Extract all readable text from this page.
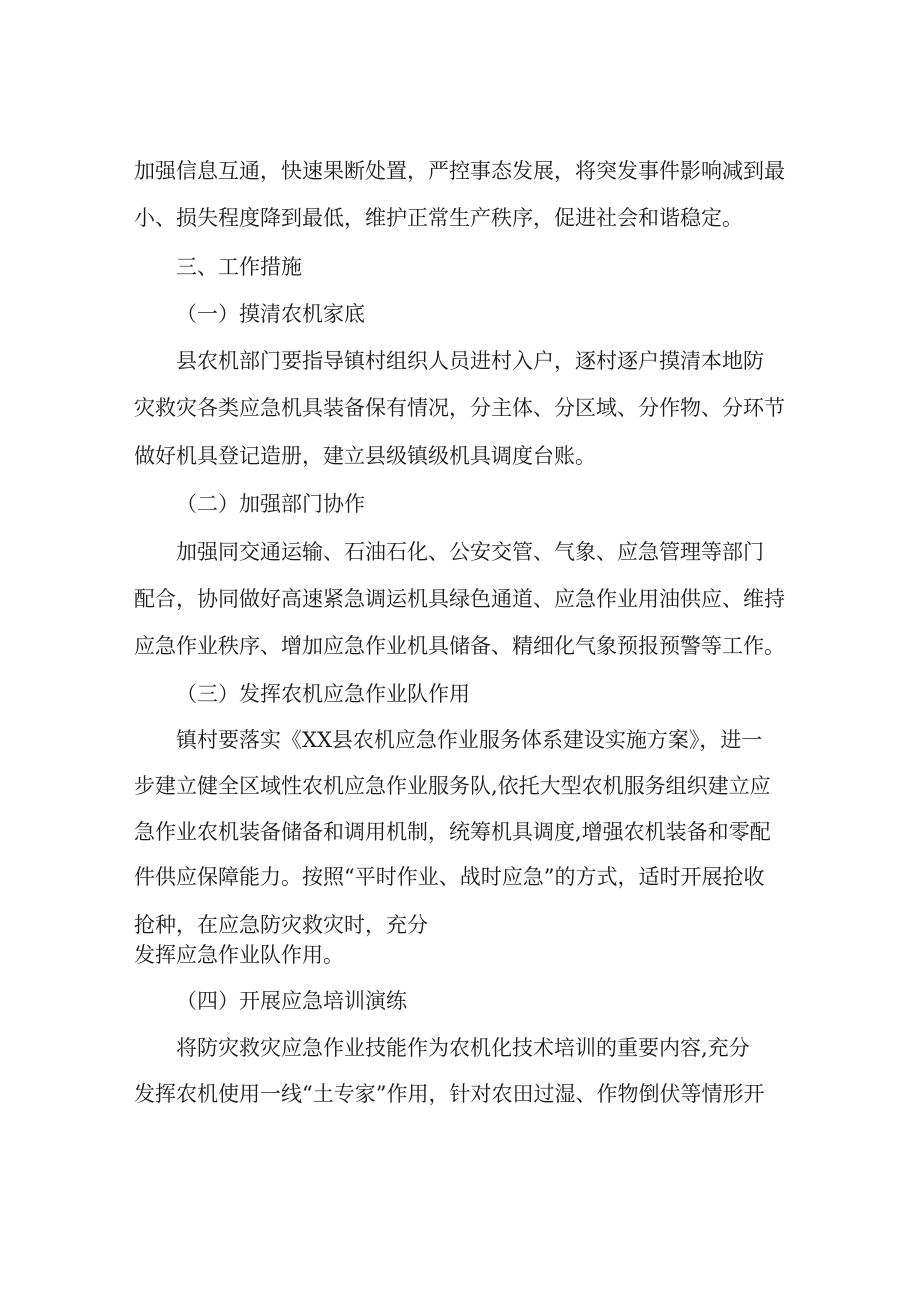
加强信息互通，快速果断处置，严控事态发展，将突发事件影响减到最

小、损失程度降到最低，维护正常生产秩序，促进社会和谐稳定。

三、工作措施

（一）摸清农机家底

县农机部门要指导镇村组织人员进村入户，逐村逐户摸清本地防

灾救灾各类应急机具装备保有情况，分主体、分区域、分作物、分环节

做好机具登记造册，建立县级镇级机具调度台账。

（二）加强部门协作

加强同交通运输、石油石化、公安交管、气象、应急管理等部门

配合，协同做好高速紧急调运机具绿色通道、应急作业用油供应、维持

应急作业秩序、增加应急作业机具储备、精细化气象预报预警等工作。

（三）发挥农机应急作业队作用

镇村要落实《XX县农机应急作业服务体系建设实施方案》，进一

步建立健全区域性农机应急作业服务队,依托大型农机服务组织建立应

急作业农机装备储备和调用机制，统筹机具调度,增强农机装备和零配

件供应保障能力。按照“平时作业、战时应急”的方式，适时开展抢收

抢种，在应急防灾救灾时，充分

发挥应急作业队作用。

（四）开展应急培训演练

将防灾救灾应急作业技能作为农机化技术培训的重要内容,充分

发挥农机使用一线“土专家”作用，针对农田过湿、作物倒伏等情形开
